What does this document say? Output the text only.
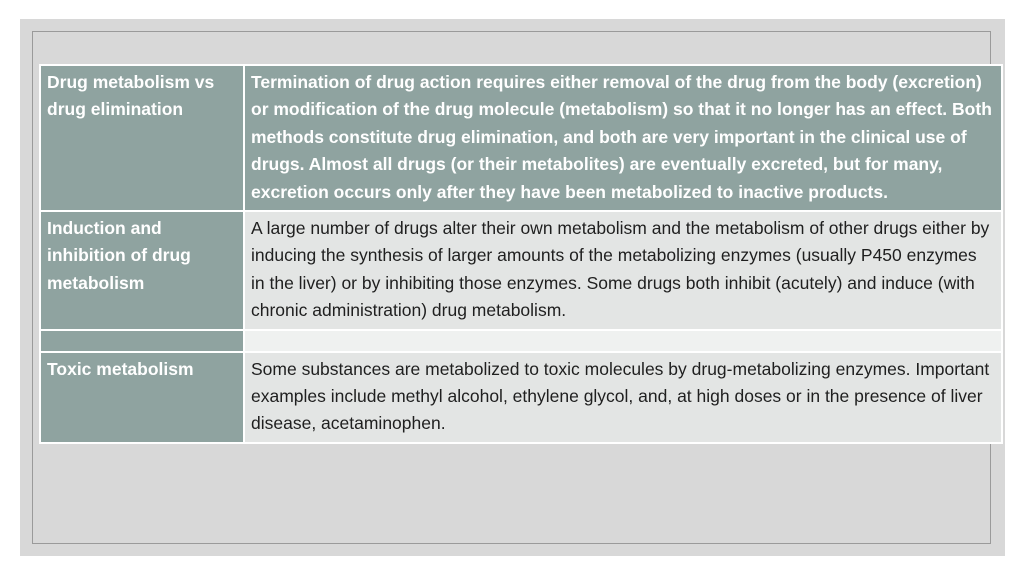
Drug metabolism vs drug elimination	Termination of drug action requires either removal of the drug from the body (excretion) or modification of the drug molecule (metabolism) so that it no longer has an effect. Both methods constitute drug elimination, and both are very important in the clinical use of drugs. Almost all drugs (or their metabolites) are eventually excreted, but for many, excretion occurs only after they have been metabolized to inactive products.
Induction and inhibition of drug metabolism	A large number of drugs alter their own metabolism and the metabolism of other drugs either by inducing the synthesis of larger amounts of the metabolizing enzymes (usually P450 enzymes in the liver) or by inhibiting those enzymes. Some drugs both inhibit (acutely) and induce (with chronic administration) drug metabolism.

Toxic metabolism	Some substances are metabolized to toxic molecules by drug-metabolizing enzymes. Important examples include methyl alcohol, ethylene glycol, and, at high doses or in the presence of liver disease, acetaminophen.
